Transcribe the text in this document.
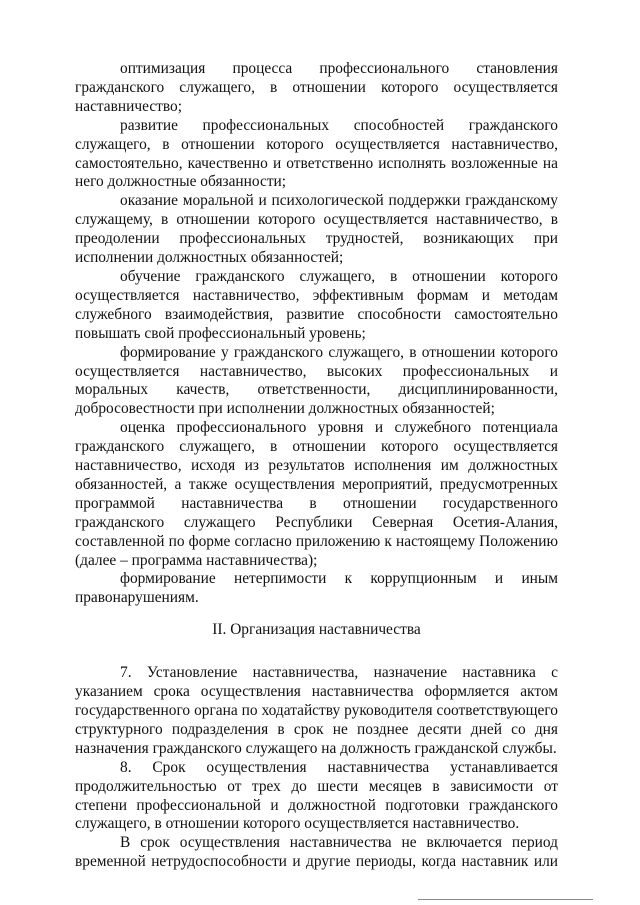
оптимизация процесса профессионального становления гражданского служащего, в отношении которого осуществляется наставничество;

развитие профессиональных способностей гражданского служащего, в отношении которого осуществляется наставничество, самостоятельно, качественно и ответственно исполнять возложенные на него должностные обязанности;

оказание моральной и психологической поддержки гражданскому служащему, в отношении которого осуществляется наставничество, в преодолении профессиональных трудностей, возникающих при исполнении должностных обязанностей;

обучение гражданского служащего, в отношении которого осуществляется наставничество, эффективным формам и методам служебного взаимодействия, развитие способности самостоятельно повышать свой профессиональный уровень;

формирование у гражданского служащего, в отношении которого осуществляется наставничество, высоких профессиональных и моральных качеств, ответственности, дисциплинированности, добросовестности при исполнении должностных обязанностей;

оценка профессионального уровня и служебного потенциала гражданского служащего, в отношении которого осуществляется наставничество, исходя из результатов исполнения им должностных обязанностей, а также осуществления мероприятий, предусмотренных программой наставничества в отношении государственного гражданского служащего Республики Северная Осетия-Алания, составленной по форме согласно приложению к настоящему Положению (далее – программа наставничества);

формирование нетерпимости к коррупционным и иным правонарушениям.

II. Организация наставничества

7. Установление наставничества, назначение наставника с указанием срока осуществления наставничества оформляется актом государственного органа по ходатайству руководителя соответствующего структурного подразделения в срок не позднее десяти дней со дня назначения гражданского служащего на должность гражданской службы.

8. Срок осуществления наставничества устанавливается продолжительностью от трех до шести месяцев в зависимости от степени профессиональной и должностной подготовки гражданского служащего, в отношении которого осуществляется наставничество.

В срок осуществления наставничества не включается период временной нетрудоспособности и другие периоды, когда наставник или
